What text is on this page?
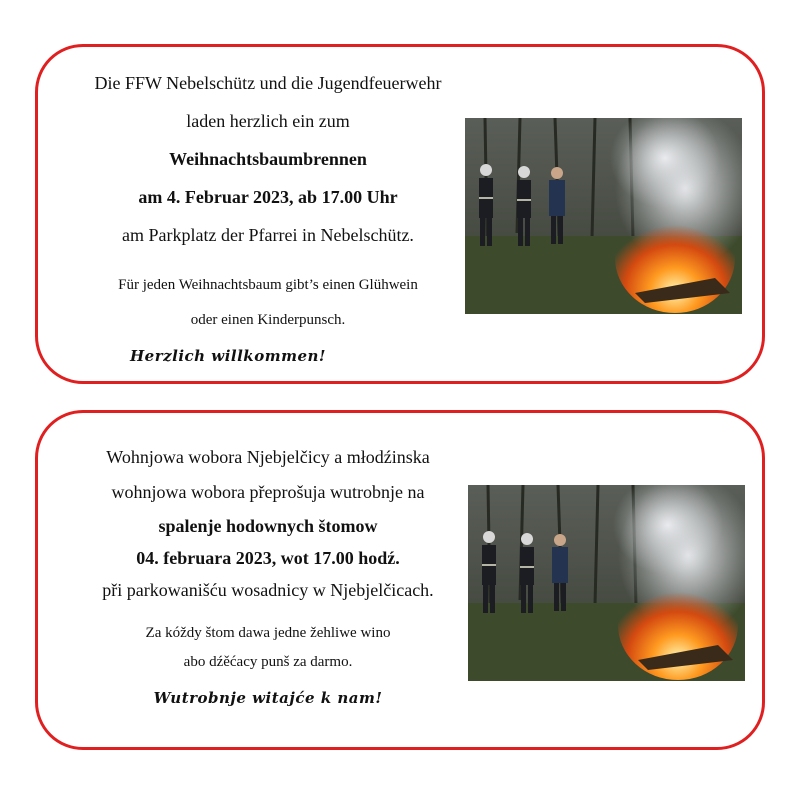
Die FFW Nebelschütz und die Jugendfeuerwehr
laden herzlich ein zum
Weihnachtsbaumbrennen
am 4. Februar 2023, ab 17.00 Uhr
am Parkplatz der Pfarrei in Nebelschütz.
Für jeden Weihnachtsbaum gibt’s einen Glühwein
oder einen Kinderpunsch.
Herzlich willkommen!
Wohnjowa wobora Njebjelčicy a młodźinska
wohnjowa wobora přeprošuja wutrobnje na
spalenje hodownych štomow
04. februara 2023, wot 17.00 hodź.
při parkowanišću wosadnicy w Njebjelčicach.
Za kóždy štom dawa jedne žehliwe wino
abo dźěćacy punš za darmo.
Wutrobnje witajće k nam!
